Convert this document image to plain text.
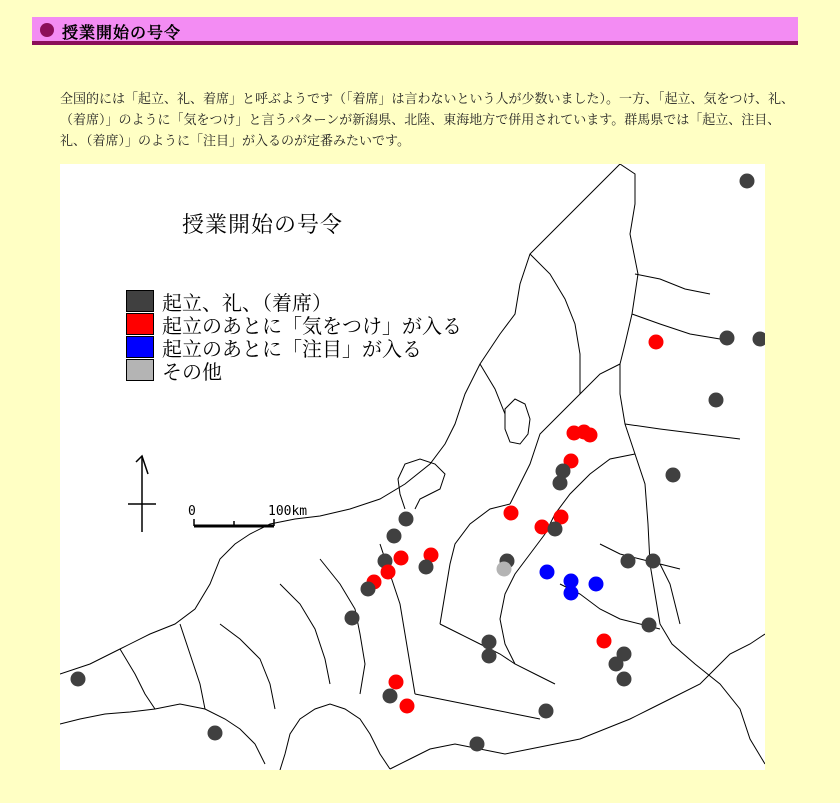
授業開始の号令

全国的には「起立、礼、着席」と呼ぶようです（「着席」は言わないという人が少数いました）。一方、「起立、気をつけ、礼、（着席）」のように「気をつけ」と言うパターンが新潟県、北陸、東海地方で併用されています。群馬県では「起立、注目、礼、（着席）」のように「注目」が入るのが定番みたいです。

授業開始の号令
起立、礼、（着席）
起立のあとに「気をつけ」が入る
起立のあとに「注目」が入る
その他
0	100km
